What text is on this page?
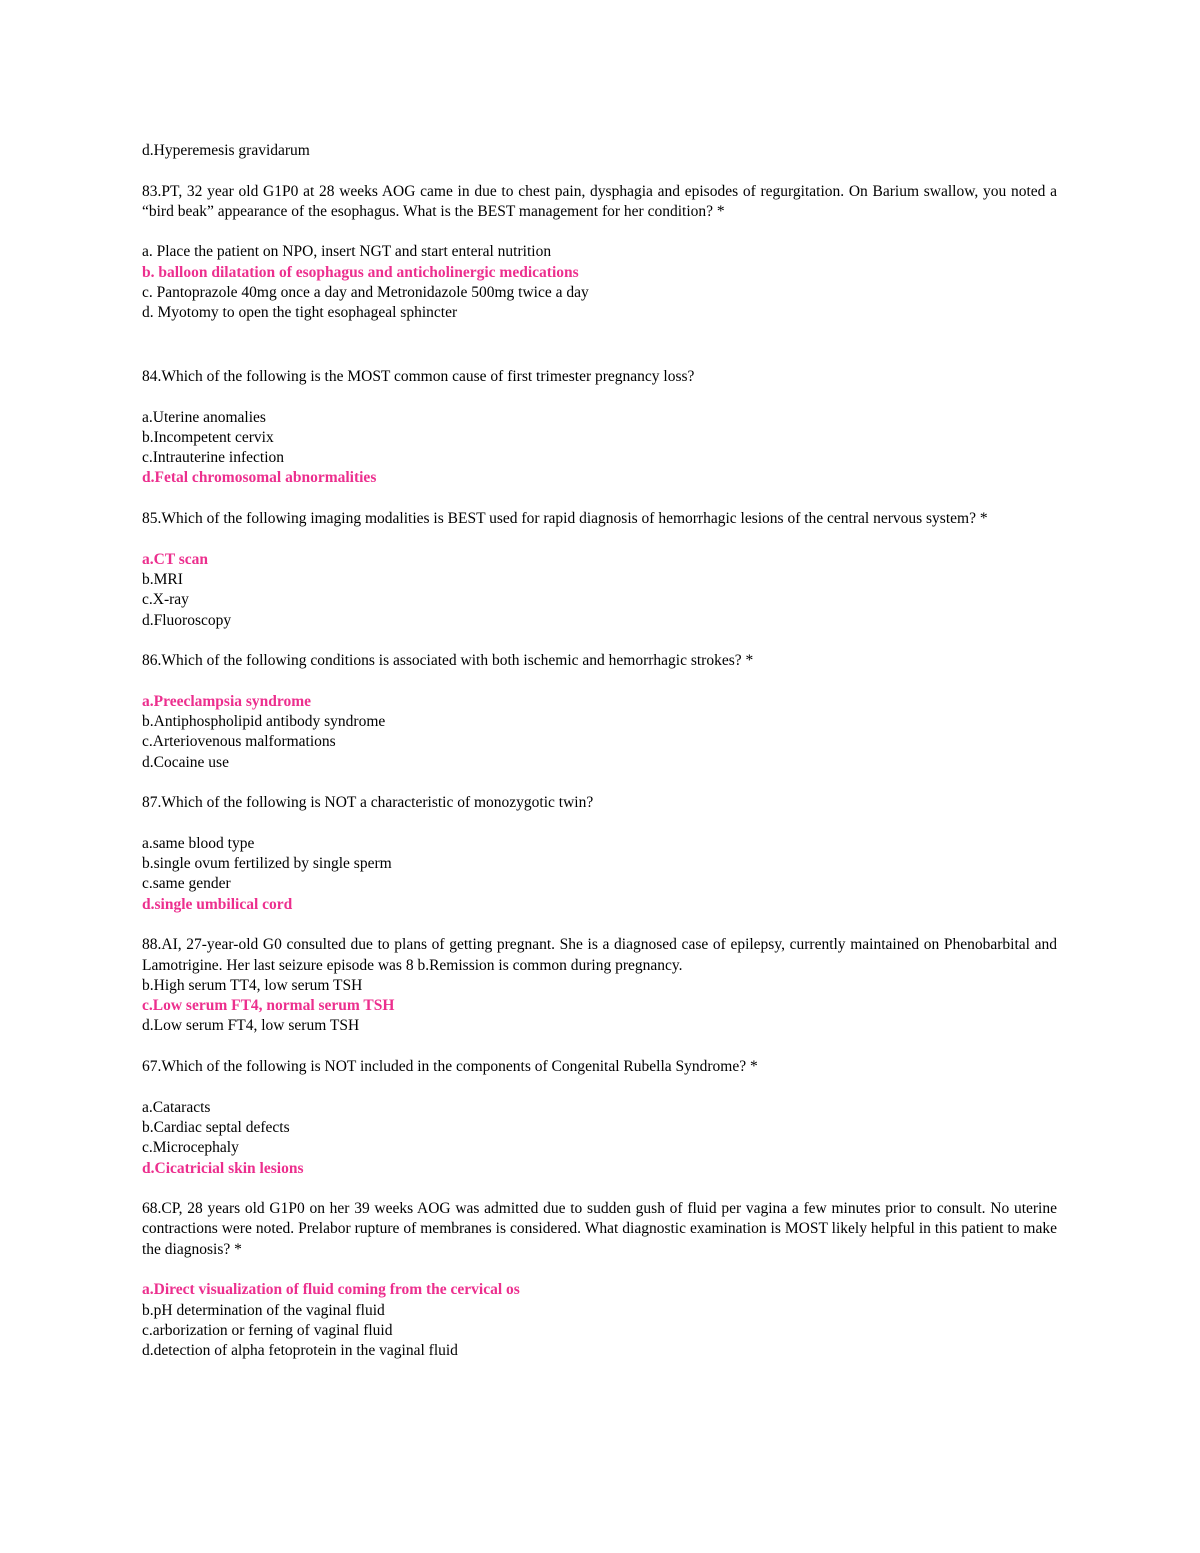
d.Hyperemesis gravidarum
83.PT, 32 year old G1P0 at 28 weeks AOG came in due to chest pain, dysphagia and episodes of regurgitation. On Barium swallow, you noted a “bird beak” appearance of the esophagus. What is the BEST management for her condition? *
a. Place the patient on NPO, insert NGT and start enteral nutrition
b. balloon dilatation of esophagus and anticholinergic medications
c. Pantoprazole 40mg once a day and Metronidazole 500mg twice a day
d. Myotomy to open the tight esophageal sphincter
84.Which of the following is the MOST common cause of first trimester pregnancy loss?
a.Uterine anomalies
b.Incompetent cervix
c.Intrauterine infection
d.Fetal chromosomal abnormalities
85.Which of the following imaging modalities is BEST used for rapid diagnosis of hemorrhagic lesions of the central nervous system? *
a.CT scan
b.MRI
c.X-ray
d.Fluoroscopy
86.Which of the following conditions is associated with both ischemic and hemorrhagic strokes? *
a.Preeclampsia syndrome
b.Antiphospholipid antibody syndrome
c.Arteriovenous malformations
d.Cocaine use
87.Which of the following is NOT a characteristic of monozygotic twin?
a.same blood type
b.single ovum fertilized by single sperm
c.same gender
d.single umbilical cord
88.AI, 27-year-old G0 consulted due to plans of getting pregnant. She is a diagnosed case of epilepsy, currently maintained on Phenobarbital and Lamotrigine. Her last seizure episode was 8 b.Remission is common during pregnancy.
b.High serum TT4, low serum TSH
c.Low serum FT4, normal serum TSH
d.Low serum FT4, low serum TSH
67.Which of the following is NOT included in the components of Congenital Rubella Syndrome? *
a.Cataracts
b.Cardiac septal defects
c.Microcephaly
d.Cicatricial skin lesions
68.CP, 28 years old G1P0 on her 39 weeks AOG was admitted due to sudden gush of fluid per vagina a few minutes prior to consult. No uterine contractions were noted. Prelabor rupture of membranes is considered. What diagnostic examination is MOST likely helpful in this patient to make the diagnosis? *
a.Direct visualization of fluid coming from the cervical os
b.pH determination of the vaginal fluid
c.arborization or ferning of vaginal fluid
d.detection of alpha fetoprotein in the vaginal fluid
